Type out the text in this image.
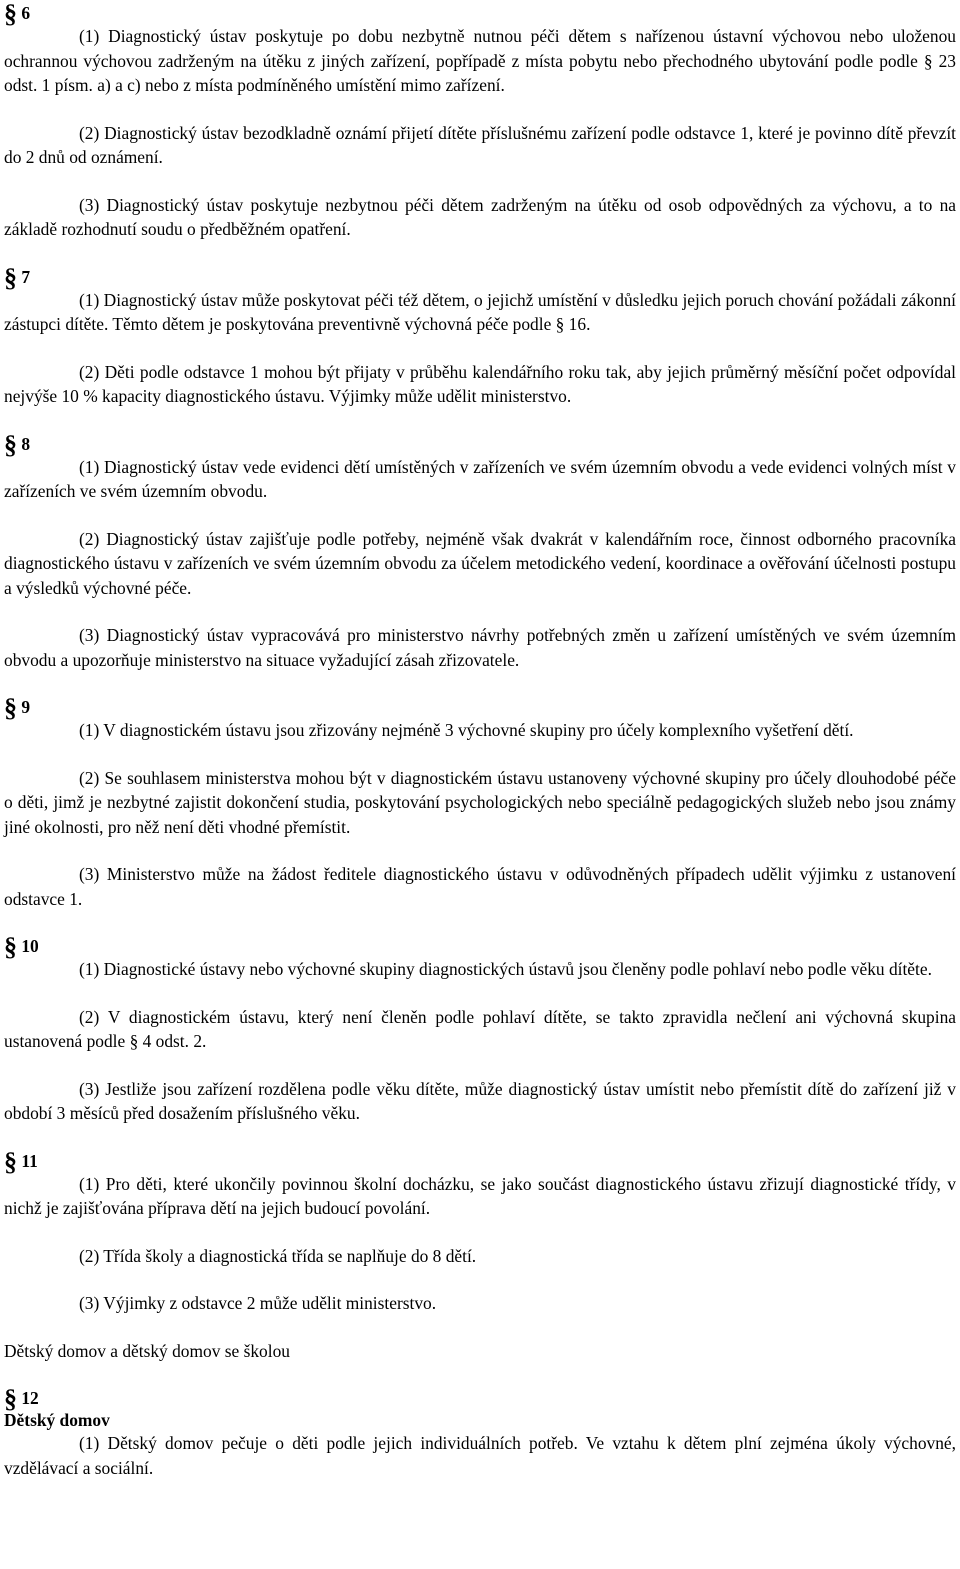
§ 6

(1) Diagnostický ústav poskytuje po dobu nezbytně nutnou péči dětem s nařízenou ústavní výchovou nebo uloženou ochrannou výchovou zadrženým na útěku z jiných zařízení, popřípadě z místa pobytu nebo přechodného ubytování podle podle § 23 odst. 1 písm. a) a c) nebo z místa podmíněného umístění mimo zařízení.

(2) Diagnostický ústav bezodkladně oznámí přijetí dítěte příslušnému zařízení podle odstavce 1, které je povinno dítě převzít do 2 dnů od oznámení.

(3) Diagnostický ústav poskytuje nezbytnou péči dětem zadrženým na útěku od osob odpovědných za výchovu, a to na základě rozhodnutí soudu o předběžném opatření.

§ 7

(1) Diagnostický ústav může poskytovat péči též dětem, o jejichž umístění v důsledku jejich poruch chování požádali zákonní zástupci dítěte. Těmto dětem je poskytována preventivně výchovná péče podle § 16.

(2) Děti podle odstavce 1 mohou být přijaty v průběhu kalendářního roku tak, aby jejich průměrný měsíční počet odpovídal nejvýše 10 % kapacity diagnostického ústavu. Výjimky může udělit ministerstvo.

§ 8

(1) Diagnostický ústav vede evidenci dětí umístěných v zařízeních ve svém územním obvodu a vede evidenci volných míst v zařízeních ve svém územním obvodu.

(2) Diagnostický ústav zajišťuje podle potřeby, nejméně však dvakrát v kalendářním roce, činnost odborného pracovníka diagnostického ústavu v zařízeních ve svém územním obvodu za účelem metodického vedení, koordinace a ověřování účelnosti postupu a výsledků výchovné péče.

(3) Diagnostický ústav vypracovává pro ministerstvo návrhy potřebných změn u zařízení umístěných ve svém územním obvodu a upozorňuje ministerstvo na situace vyžadující zásah zřizovatele.

§ 9

(1) V diagnostickém ústavu jsou zřizovány nejméně 3 výchovné skupiny pro účely komplexního vyšetření dětí.

(2) Se souhlasem ministerstva mohou být v diagnostickém ústavu ustanoveny výchovné skupiny pro účely dlouhodobé péče o děti, jimž je nezbytné zajistit dokončení studia, poskytování psychologických nebo speciálně pedagogických služeb nebo jsou známy jiné okolnosti, pro něž není děti vhodné přemístit.

(3) Ministerstvo může na žádost ředitele diagnostického ústavu v odůvodněných případech udělit výjimku z ustanovení odstavce 1.

§ 10

(1) Diagnostické ústavy nebo výchovné skupiny diagnostických ústavů jsou členěny podle pohlaví nebo podle věku dítěte.

(2) V diagnostickém ústavu, který není členěn podle pohlaví dítěte, se takto zpravidla nečlení ani výchovná skupina ustanovená podle § 4 odst. 2.

(3) Jestliže jsou zařízení rozdělena podle věku dítěte, může diagnostický ústav umístit nebo přemístit dítě do zařízení již v období 3 měsíců před dosažením příslušného věku.

§ 11

(1) Pro děti, které ukončily povinnou školní docházku, se jako součást diagnostického ústavu zřizují diagnostické třídy, v nichž je zajišťována příprava dětí na jejich budoucí povolání.

(2) Třída školy a diagnostická třída se naplňuje do 8 dětí.

(3) Výjimky z odstavce 2 může udělit ministerstvo.

Dětský domov a dětský domov se školou

§ 12
Dětský domov

(1) Dětský domov pečuje o děti podle jejich individuálních potřeb. Ve vztahu k dětem plní zejména úkoly výchovné, vzdělávací a sociální.
